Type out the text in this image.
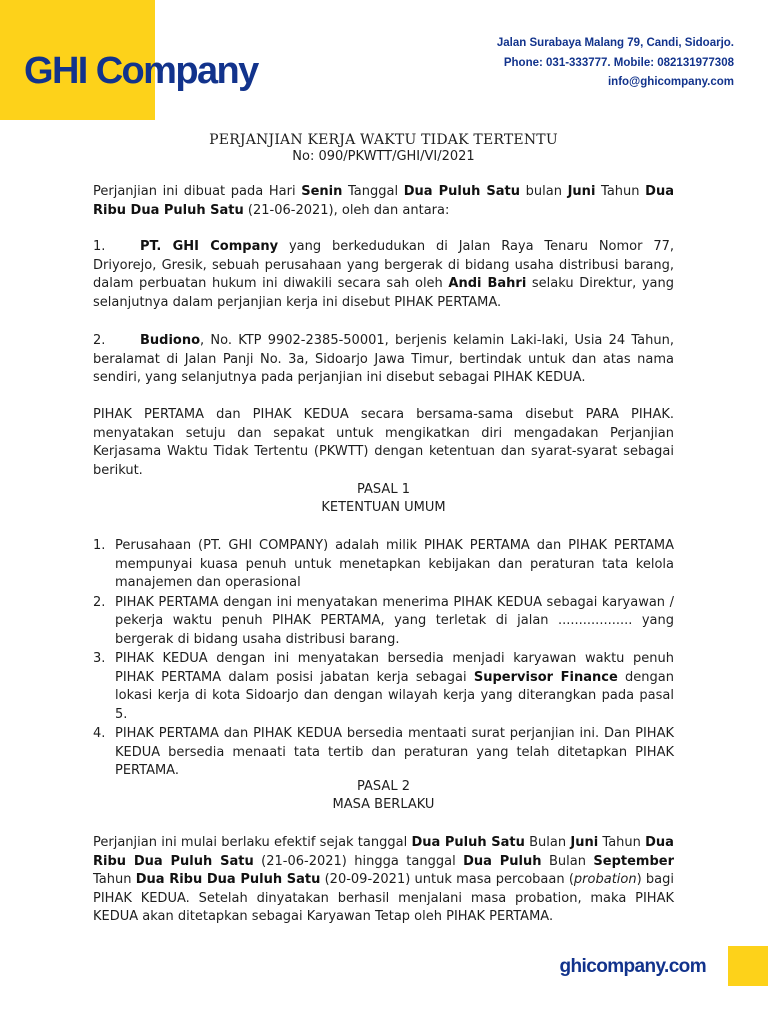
GHI Company
Jalan Surabaya Malang 79, Candi, Sidoarjo.
Phone: 031-333777. Mobile: 082131977308
info@ghicompany.com
PERJANJIAN KERJA WAKTU TIDAK TERTENTU
No: 090/PKWTT/GHI/VI/2021
Perjanjian ini dibuat pada Hari Senin Tanggal Dua Puluh Satu bulan Juni Tahun Dua Ribu Dua Puluh Satu (21-06-2021), oleh dan antara:
1.	PT. GHI Company yang berkedudukan di Jalan Raya Tenaru Nomor 77, Driyorejo, Gresik, sebuah perusahaan yang bergerak di bidang usaha distribusi barang, dalam perbuatan hukum ini diwakili secara sah oleh Andi Bahri selaku Direktur, yang selanjutnya dalam perjanjian kerja ini disebut PIHAK PERTAMA.
2.	Budiono, No. KTP 9902-2385-50001, berjenis kelamin Laki-laki, Usia 24 Tahun, beralamat di Jalan Panji No. 3a, Sidoarjo Jawa Timur, bertindak untuk dan atas nama sendiri, yang selanjutnya pada perjanjian ini disebut sebagai PIHAK KEDUA.
PIHAK PERTAMA dan PIHAK KEDUA secara bersama-sama disebut PARA PIHAK. menyatakan setuju dan sepakat untuk mengikatkan diri mengadakan Perjanjian Kerjasama Waktu Tidak Tertentu (PKWTT) dengan ketentuan dan syarat-syarat sebagai berikut.
PASAL 1
KETENTUAN UMUM
1. Perusahaan (PT. GHI COMPANY) adalah milik PIHAK PERTAMA dan PIHAK PERTAMA mempunyai kuasa penuh untuk menetapkan kebijakan dan peraturan tata kelola manajemen dan operasional
2. PIHAK PERTAMA dengan ini menyatakan menerima PIHAK KEDUA sebagai karyawan / pekerja waktu penuh PIHAK PERTAMA, yang terletak di jalan .................. yang bergerak di bidang usaha distribusi barang.
3. PIHAK KEDUA dengan ini menyatakan bersedia menjadi karyawan waktu penuh PIHAK PERTAMA dalam posisi jabatan kerja sebagai Supervisor Finance dengan lokasi kerja di kota Sidoarjo dan dengan wilayah kerja yang diterangkan pada pasal 5.
4. PIHAK PERTAMA dan PIHAK KEDUA bersedia mentaati surat perjanjian ini. Dan PIHAK KEDUA bersedia menaati tata tertib dan peraturan yang telah ditetapkan PIHAK PERTAMA.
PASAL 2
MASA BERLAKU
Perjanjian ini mulai berlaku efektif sejak tanggal Dua Puluh Satu Bulan Juni Tahun Dua Ribu Dua Puluh Satu (21-06-2021) hingga tanggal Dua Puluh Bulan September Tahun Dua Ribu Dua Puluh Satu (20-09-2021) untuk masa percobaan (probation) bagi PIHAK KEDUA. Setelah dinyatakan berhasil menjalani masa probation, maka PIHAK KEDUA akan ditetapkan sebagai Karyawan Tetap oleh PIHAK PERTAMA.
ghicompany.com
